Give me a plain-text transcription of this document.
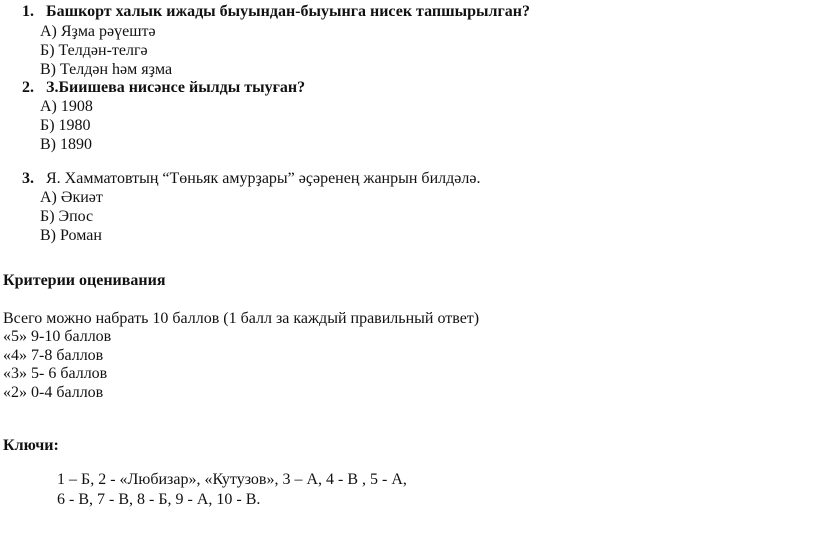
1. Башкорт халык ижады быуындан-быуынга нисек тапшырылган?
А) Яҙма рәүештә
Б) Телдән-телгә
В) Телдән һәм яҙма
2. З.Биишева нисәнсе йылды тыуған?
А) 1908
Б) 1980
В) 1890
3. Я. Хамматовтың “Төньяк амурҙары” әҫәренең жанрын билдәлә.
А) Әкиәт
Б) Эпос
В) Роман
Критерии оценивания
Всего можно набрать 10 баллов (1 балл за каждый правильный ответ)
«5» 9-10 баллов
«4» 7-8 баллов
«3» 5- 6 баллов
«2» 0-4 баллов
Ключи:
1 – Б, 2 - «Любизар», «Кутузов», 3 – А, 4 - В , 5 - А,
6 - В, 7 - В, 8 - Б, 9 - А, 10 - В.
